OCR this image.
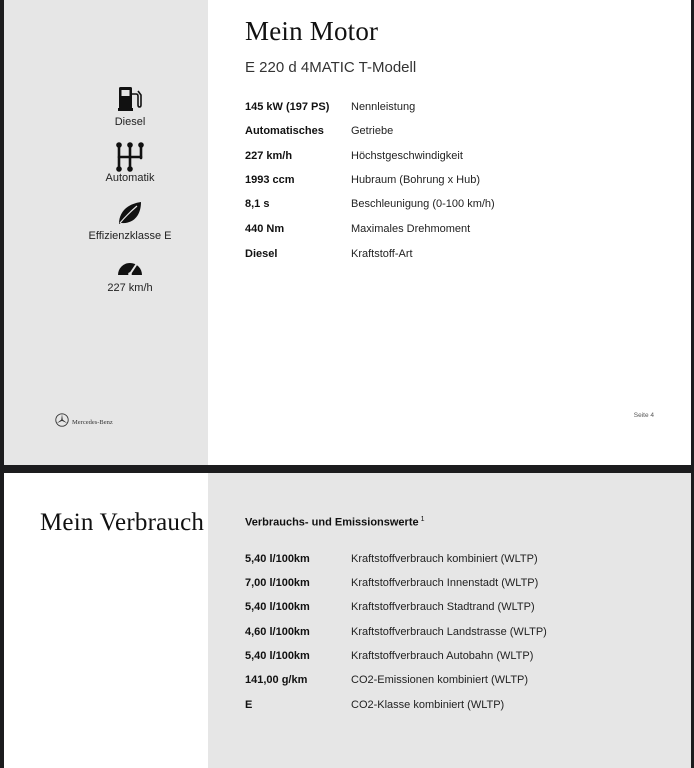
Diesel
Automatik
Effizienzklasse E
227 km/h
Mercedes-Benz
Mein Motor
E 220 d 4MATIC T-Modell
145 kW (197 PS)	Nennleistung
Automatisches	Getriebe
227 km/h	Höchstgeschwindigkeit
1993 ccm	Hubraum (Bohrung x Hub)
8,1 s	Beschleunigung (0-100 km/h)
440 Nm	Maximales Drehmoment
Diesel	Kraftstoff-Art
Seite 4
Mein Verbrauch	Verbrauchs- und Emissionswerte $^1$
5,40 l/100km	Kraftstoffverbrauch kombiniert (WLTP)
7,00 l/100km	Kraftstoffverbrauch Innenstadt (WLTP)
5,40 l/100km	Kraftstoffverbrauch Stadtrand (WLTP)
4,60 l/100km	Kraftstoffverbrauch Landstrasse (WLTP)
5,40 l/100km	Kraftstoffverbrauch Autobahn (WLTP)
141,00 g/km	CO2-Emissionen kombiniert (WLTP)
E	CO2-Klasse kombiniert (WLTP)
